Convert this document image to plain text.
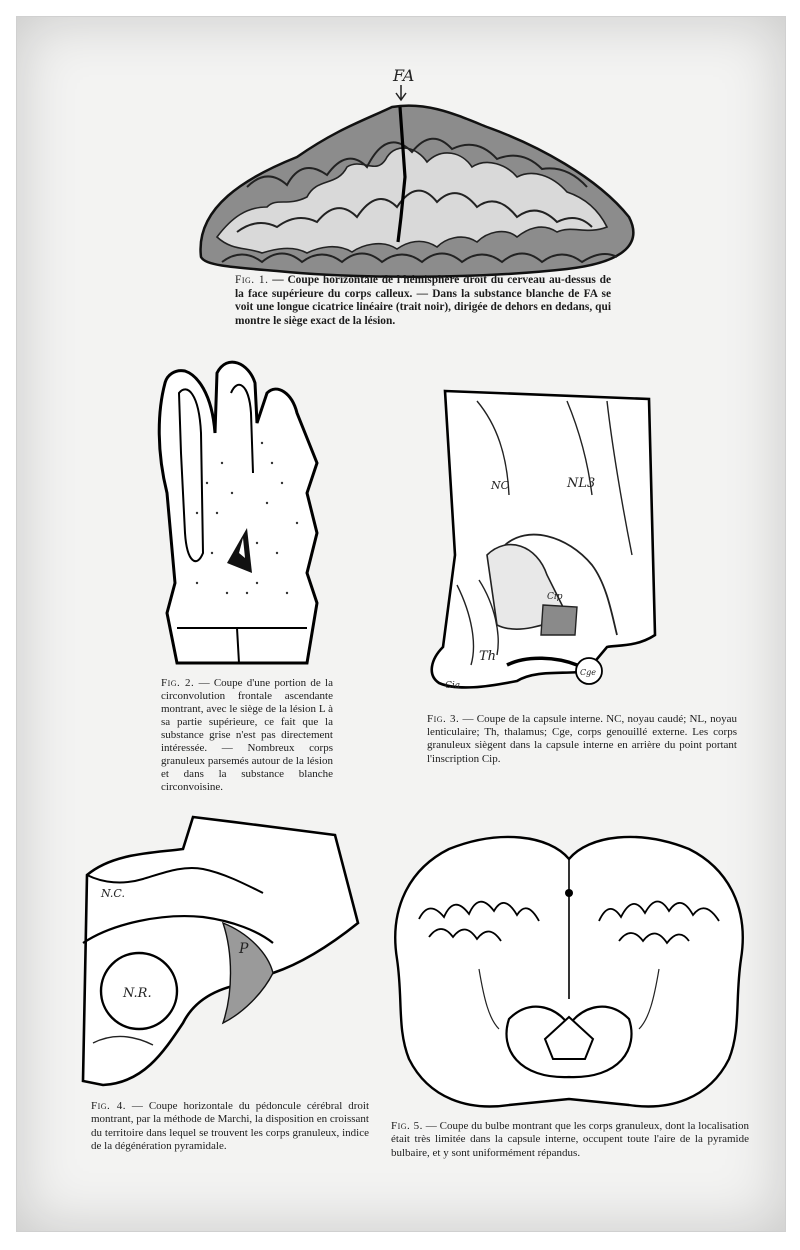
FA
Fig. 1. — Coupe horizontale de l'hémisphère droit du cerveau au-dessus de la face supérieure du corps calleux. — Dans la substance blanche de FA se voit une longue cicatrice linéaire (trait noir), dirigée de dehors en dedans, qui montre le siège exact de la lésion.
Fig. 2. — Coupe d'une portion de la circonvolution frontale ascendante montrant, avec le siège de la lésion L à sa partie supérieure, ce fait que la substance grise n'est pas directement intéressée. — Nombreux corps granuleux parsemés autour de la lésion et dans la substance blanche circonvoisine.
NC	NL3
Cip
Th
Cge
Cia
Fig. 3. — Coupe de la capsule interne. NC, noyau caudé; NL, noyau lenticulaire; Th, thalamus; Cge, corps genouillé externe. Les corps granuleux siègent dans la capsule interne en arrière du point portant l'inscription Cip.
N.C.
N.R.
P
Fig. 4. — Coupe horizontale du pédoncule cérébral droit montrant, par la méthode de Marchi, la disposition en croissant du territoire dans lequel se trouvent les corps granuleux, indice de la dégénération pyramidale.
Fig. 5. — Coupe du bulbe montrant que les corps granuleux, dont la localisation était très limitée dans la capsule interne, occupent toute l'aire de la pyramide bulbaire, et y sont uniformément répandus.
